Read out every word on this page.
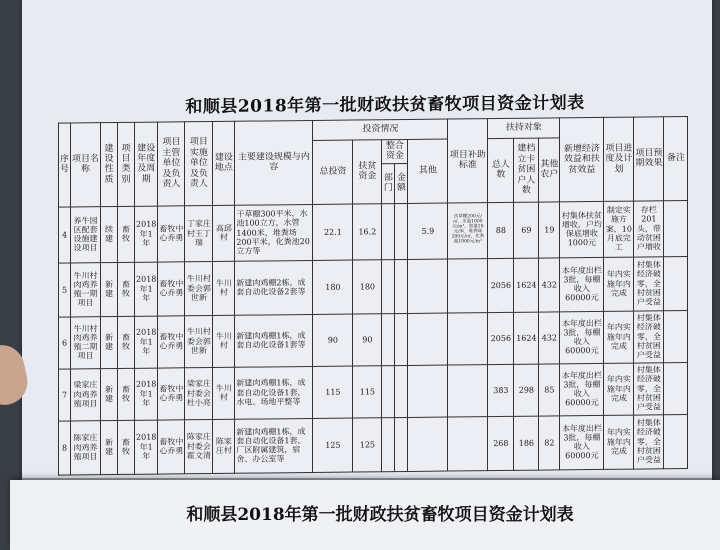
和顺县2018年第一批财政扶贫畜牧项目资金计划表
序号	项目名称	建设性质	项目类别	建设年度及周期	项目主管单位及负责人	项目实施单位及负责人	建设地点	主要建设规模与内容	投资情况					项目补助标准	扶持对象			新增经济效益和扶贫效益	项目进度及计划	项目预期效果	备注
									总投资	扶贫资金	整合资金		其他		总人数	建档立卡贫困户人数	其他农户				
											部门	金额									
4	养牛园区配套设施建设项目	续建	畜牧	2018年1年	畜牧中心乔勇	丁家庄村王丁瑞	高邱村	干草棚300平米，水池100立方，水管1400米，堆粪场200平米，化粪池20立方等	22.1	16.2			5.9	饮草棚200元/㎡，水池1000元/m³，管道10元/米，堆粪场200元/㎡，化粪池1000元/m³	88	69	19	村集体扶贫增收，户均保底增收1000元	制定实施方案，10月底完工	存栏201头，带动贫困户增收	
5	牛川村肉鸡养殖一期项目	新建	畜牧	2018年1年	畜牧中心乔勇	牛川村委会郭世新	牛川村	新建肉鸡棚2栋，成套自动化设备2套等	180	180					2056	1624	432	本年度出栏3批，每棚收入60000元	年内实施年内完成	村集体经济破零，全村贫困户受益	
6	牛川村肉鸡养殖二期项目	新建	畜牧	2018年1年	畜牧中心乔勇	牛川村委会郭世新	牛川村	新建肉鸡棚1栋，成套自动化设备1套等	90	90					2056	1624	432	本年度出栏3批，每棚收入60000元	年内实施年内完成	村集体经济破零，全村贫困户受益	
7	梁家庄肉鸡养殖项目	新建	畜牧	2018年1年	畜牧中心乔勇	梁家庄村委会杜小亮	牛川村	新建肉鸡棚1栋，成套自动化设备1套，水电、场地平整等	115	115					383	298	85	本年度出栏3批，每棚收入60000元	年内实施年内完成	村集体经济破零，全村贫困户受益	
8	陈家庄肉鸡养殖项目	新建	畜牧	2018年1年	畜牧中心乔勇	陈家庄村委会霍文清	陈家庄村	新建肉鸡棚1栋，成套自动化设备1套，厂区附属建筑，宿舍、办公室等	125	125					268	186	82	本年度出栏3批，每棚收入60000元	年内实施年内完成	村集体经济破零，全村贫困户受益	
和顺县2018年第一批财政扶贫畜牧项目资金计划表
